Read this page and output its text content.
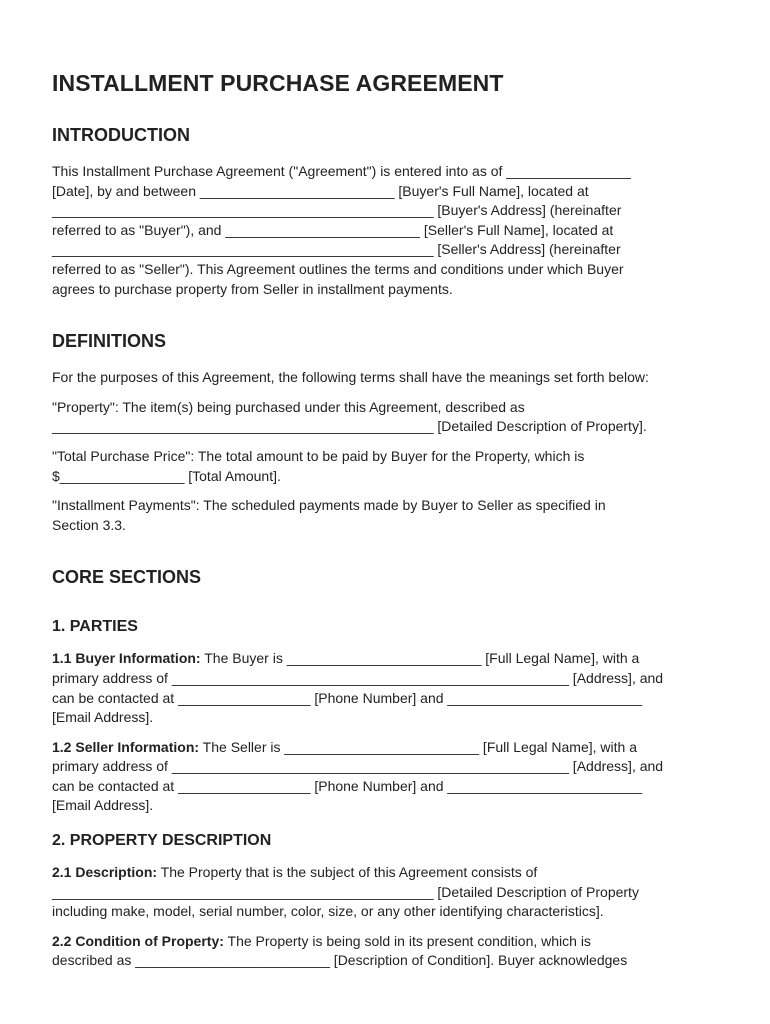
INSTALLMENT PURCHASE AGREEMENT
INTRODUCTION

This Installment Purchase Agreement ("Agreement") is entered into as of ________________
[Date], by and between _________________________ [Buyer's Full Name], located at
_________________________________________________ [Buyer's Address] (hereinafter
referred to as "Buyer"), and _________________________ [Seller's Full Name], located at
_________________________________________________ [Seller's Address] (hereinafter
referred to as "Seller"). This Agreement outlines the terms and conditions under which Buyer
agrees to purchase property from Seller in installment payments.

DEFINITIONS

For the purposes of this Agreement, the following terms shall have the meanings set forth below:

"Property": The item(s) being purchased under this Agreement, described as
_________________________________________________ [Detailed Description of Property].

"Total Purchase Price": The total amount to be paid by Buyer for the Property, which is
$________________ [Total Amount].

"Installment Payments": The scheduled payments made by Buyer to Seller as specified in
Section 3.3.

CORE SECTIONS
1. PARTIES

1.1 Buyer Information: The Buyer is _________________________ [Full Legal Name], with a
primary address of ___________________________________________________ [Address], and
can be contacted at _________________ [Phone Number] and _________________________
[Email Address].

1.2 Seller Information: The Seller is _________________________ [Full Legal Name], with a
primary address of ___________________________________________________ [Address], and
can be contacted at _________________ [Phone Number] and _________________________
[Email Address].

2. PROPERTY DESCRIPTION

2.1 Description: The Property that is the subject of this Agreement consists of
_________________________________________________ [Detailed Description of Property
including make, model, serial number, color, size, or any other identifying characteristics].

2.2 Condition of Property: The Property is being sold in its present condition, which is
described as _________________________ [Description of Condition]. Buyer acknowledges
